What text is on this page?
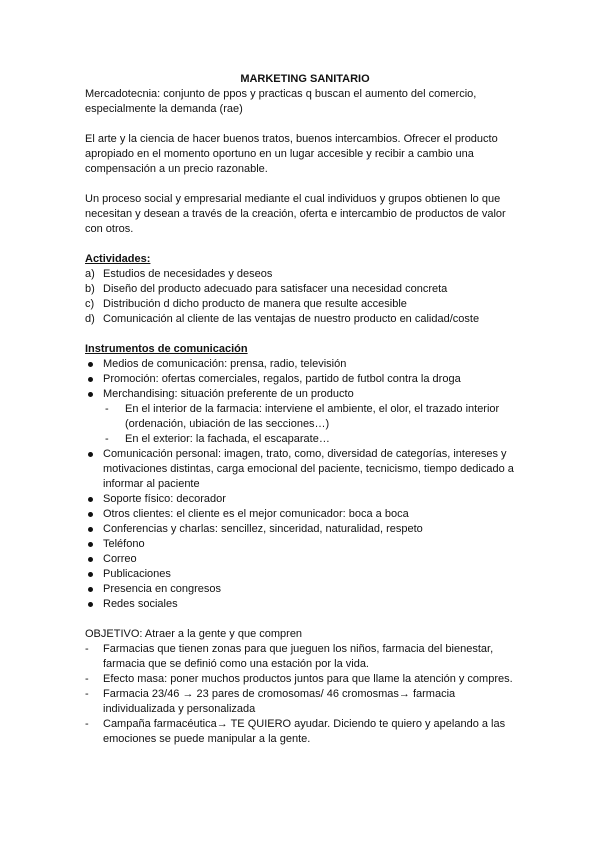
MARKETING SANITARIO

Mercadotecnia: conjunto de ppos y practicas q buscan el aumento del comercio, especialmente la demanda (rae)

El arte y la ciencia de hacer buenos tratos, buenos intercambios. Ofrecer el producto apropiado en el momento oportuno en un lugar accesible y recibir a cambio una compensación a un precio razonable.

Un proceso social y empresarial mediante el cual individuos y grupos obtienen lo que necesitan y desean a través de la creación, oferta e intercambio de productos de valor con otros.

Actividades:

a) Estudios de necesidades y deseos
b) Diseño del producto adecuado para satisfacer una necesidad concreta
c) Distribución d dicho producto de manera que resulte accesible
d) Comunicación al cliente de las ventajas de nuestro producto en calidad/coste

Instrumentos de comunicación

Medios de comunicación: prensa, radio, televisión
Promoción: ofertas comerciales, regalos, partido de futbol contra la droga
Merchandising: situación preferente de un producto
- En el interior de la farmacia: interviene el ambiente, el olor, el trazado interior (ordenación, ubiación de las secciones…)
- En el exterior: la fachada, el escaparate…
Comunicación personal: imagen, trato, como, diversidad de categorías, intereses y motivaciones distintas, carga emocional del paciente, tecnicismo, tiempo dedicado a informar al paciente
Soporte físico: decorador
Otros clientes: el cliente es el mejor comunicador: boca a boca
Conferencias y charlas: sencillez, sinceridad, naturalidad, respeto
Teléfono
Correo
Publicaciones
Presencia en congresos
Redes sociales

OBJETIVO: Atraer a la gente y que compren

- Farmacias que tienen zonas para que jueguen los niños, farmacia del bienestar, farmacia que se definió como una estación por la vida.
- Efecto masa: poner muchos productos juntos para que llame la atención y compres.
- Farmacia 23/46 → 23 pares de cromosomas/ 46 cromosmas→ farmacia individualizada y personalizada
- Campaña farmacéutica→ TE QUIERO ayudar. Diciendo te quiero y apelando a las emociones se puede manipular a la gente.
